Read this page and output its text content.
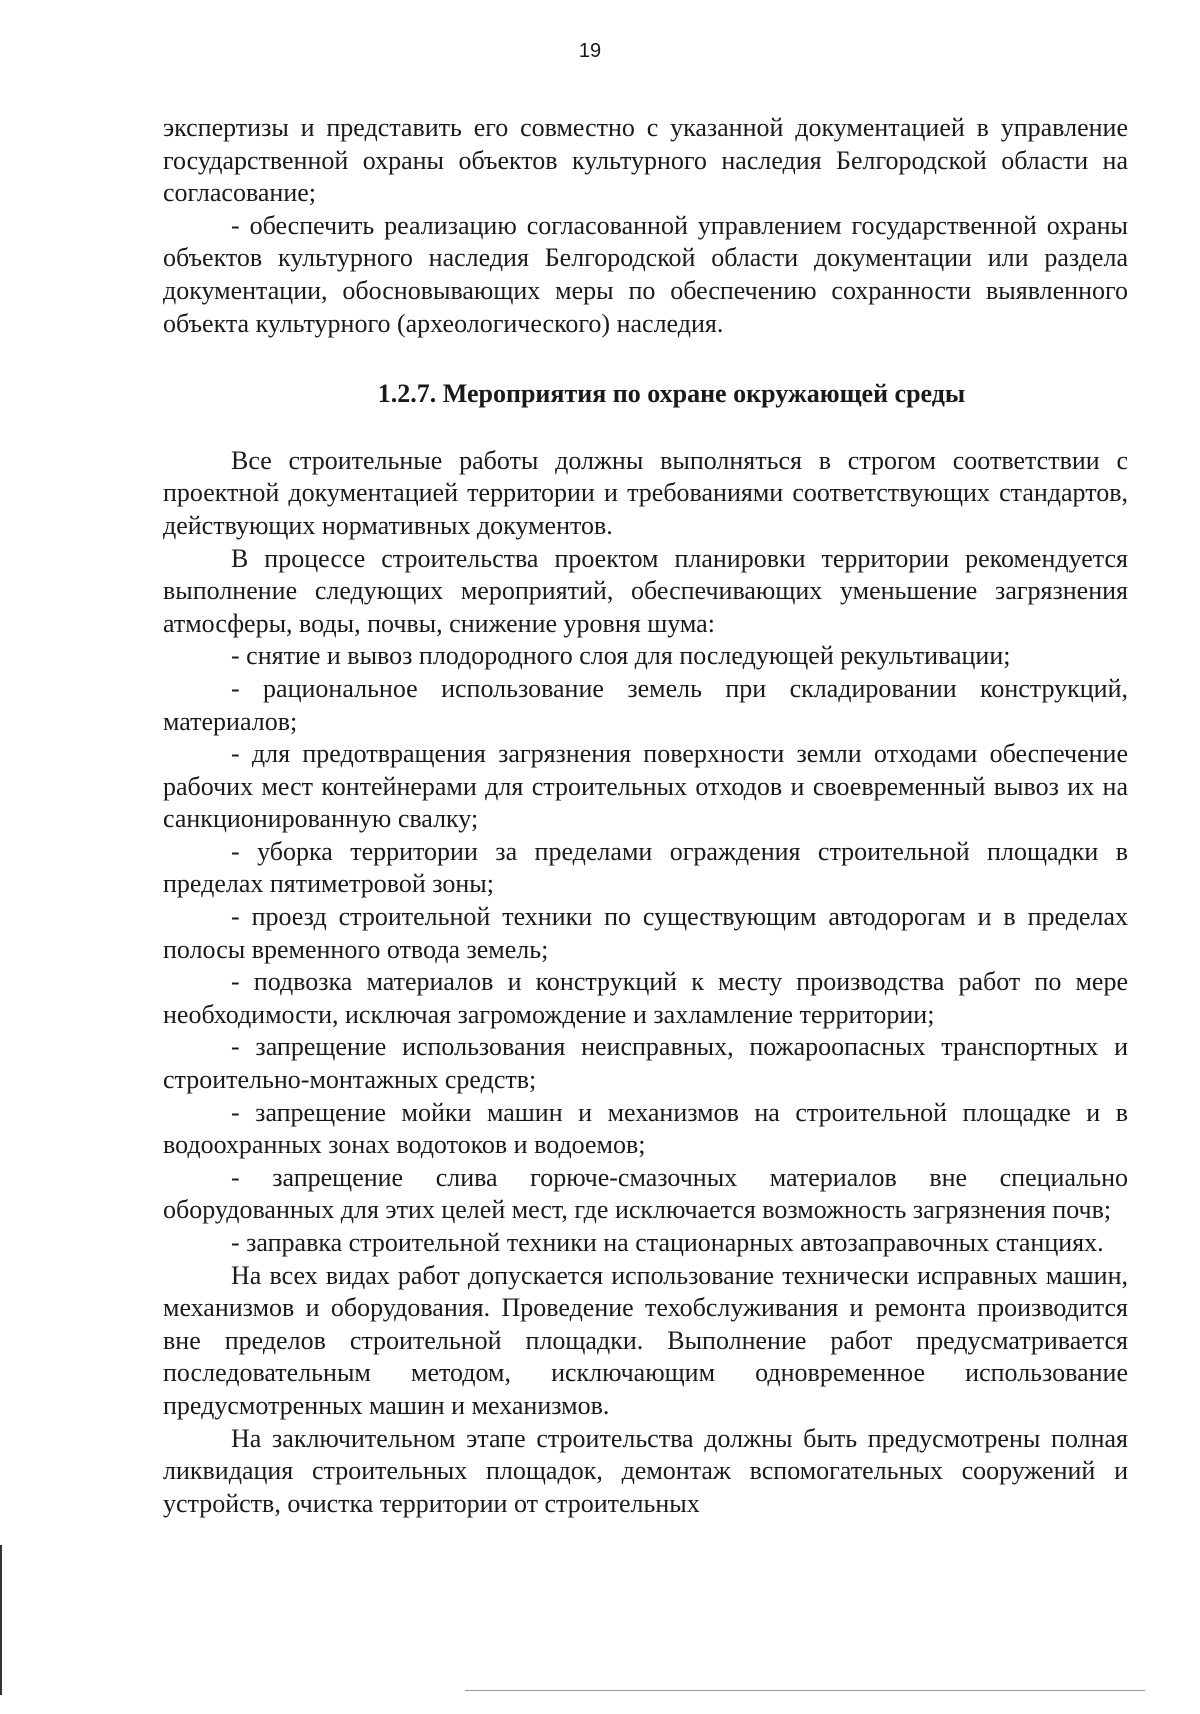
19

экспертизы и представить его совместно с указанной документацией в управление государственной охраны объектов культурного наследия Белгородской области на согласование;

- обеспечить реализацию согласованной управлением государственной охраны объектов культурного наследия Белгородской области документации или раздела документации, обосновывающих меры по обеспечению сохранности выявленного объекта культурного (археологического) наследия.

1.2.7. Мероприятия по охране окружающей среды

Все строительные работы должны выполняться в строгом соответствии с проектной документацией территории и требованиями соответствующих стандартов, действующих нормативных документов.

В процессе строительства проектом планировки территории рекомендуется выполнение следующих мероприятий, обеспечивающих уменьшение загрязнения атмосферы, воды, почвы, снижение уровня шума:

- снятие и вывоз плодородного слоя для последующей рекультивации;

- рациональное использование земель при складировании конструкций, материалов;

- для предотвращения загрязнения поверхности земли отходами обеспечение рабочих мест контейнерами для строительных отходов и своевременный вывоз их на санкционированную свалку;

- уборка территории за пределами ограждения строительной площадки в пределах пятиметровой зоны;

- проезд строительной техники по существующим автодорогам и в пределах полосы временного отвода земель;

- подвозка материалов и конструкций к месту производства работ по мере необходимости, исключая загромождение и захламление территории;

- запрещение использования неисправных, пожароопасных транспортных и строительно-монтажных средств;

- запрещение мойки машин и механизмов на строительной площадке и в водоохранных зонах водотоков и водоемов;

- запрещение слива горюче-смазочных материалов вне специально оборудованных для этих целей мест, где исключается возможность загрязнения почв;

- заправка строительной техники на стационарных автозаправочных станциях.

На всех видах работ допускается использование технически исправных машин, механизмов и оборудования. Проведение техобслуживания и ремонта производится вне пределов строительной площадки. Выполнение работ предусматривается последовательным методом, исключающим одновременное использование предусмотренных машин и механизмов.

На заключительном этапе строительства должны быть предусмотрены полная ликвидация строительных площадок, демонтаж вспомогательных сооружений и устройств, очистка территории от строительных
